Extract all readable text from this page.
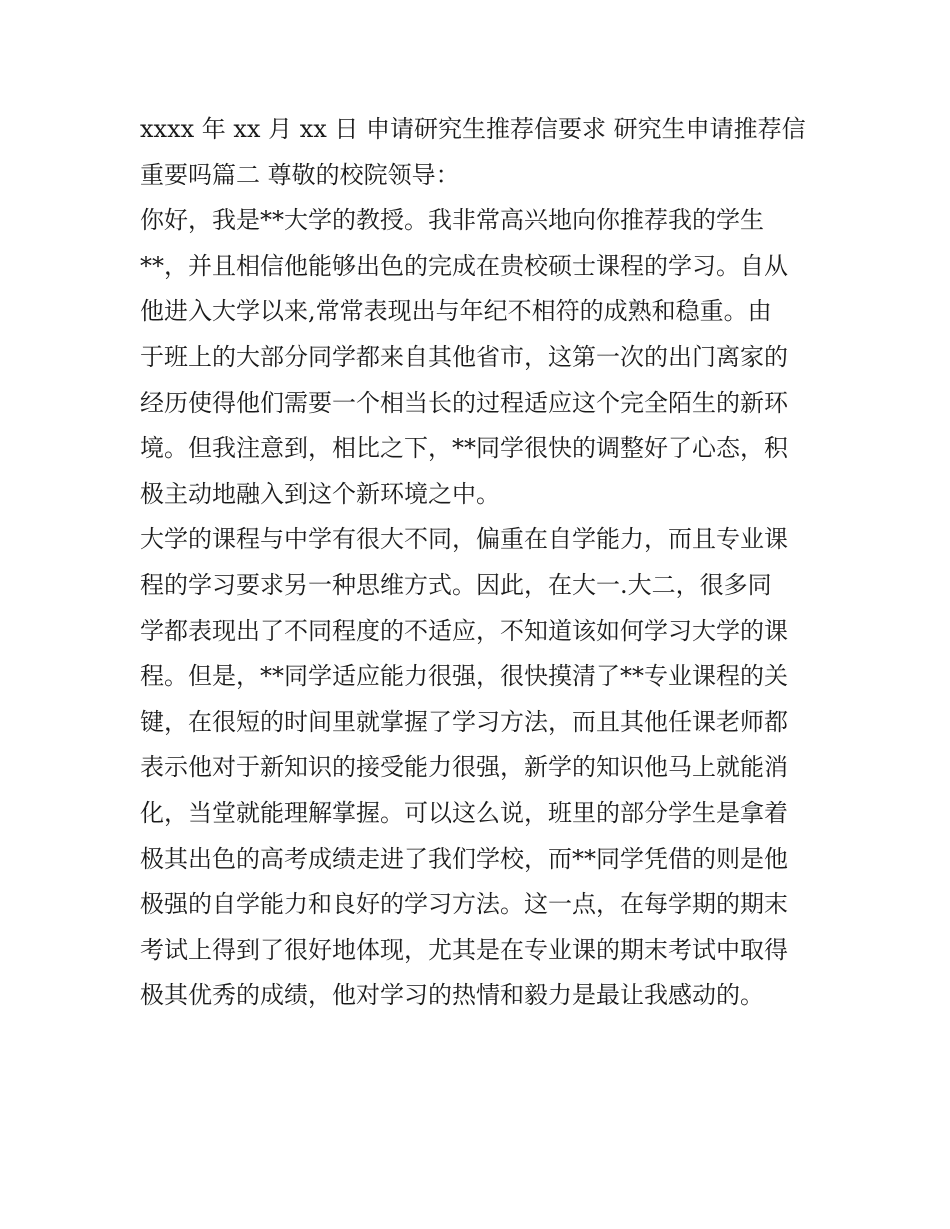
xxxx 年 xx 月 xx 日 申请研究生推荐信要求 研究生申请推荐信
重要吗篇二 尊敬的校院领导：

你好，我是**大学的教授。我非常高兴地向你推荐我的学生
**，并且相信他能够出色的完成在贵校硕士课程的学习。自从
他进入大学以来,常常表现出与年纪不相符的成熟和稳重。由
于班上的大部分同学都来自其他省市，这第一次的出门离家的
经历使得他们需要一个相当长的过程适应这个完全陌生的新环
境。但我注意到，相比之下，**同学很快的调整好了心态，积
极主动地融入到这个新环境之中。

大学的课程与中学有很大不同，偏重在自学能力，而且专业课
程的学习要求另一种思维方式。因此，在大一.大二，很多同
学都表现出了不同程度的不适应，不知道该如何学习大学的课
程。但是，**同学适应能力很强，很快摸清了**专业课程的关
键，在很短的时间里就掌握了学习方法，而且其他任课老师都
表示他对于新知识的接受能力很强，新学的知识他马上就能消
化，当堂就能理解掌握。可以这么说，班里的部分学生是拿着
极其出色的高考成绩走进了我们学校，而**同学凭借的则是他
极强的自学能力和良好的学习方法。这一点，在每学期的期末
考试上得到了很好地体现，尤其是在专业课的期末考试中取得
极其优秀的成绩，他对学习的热情和毅力是最让我感动的。
